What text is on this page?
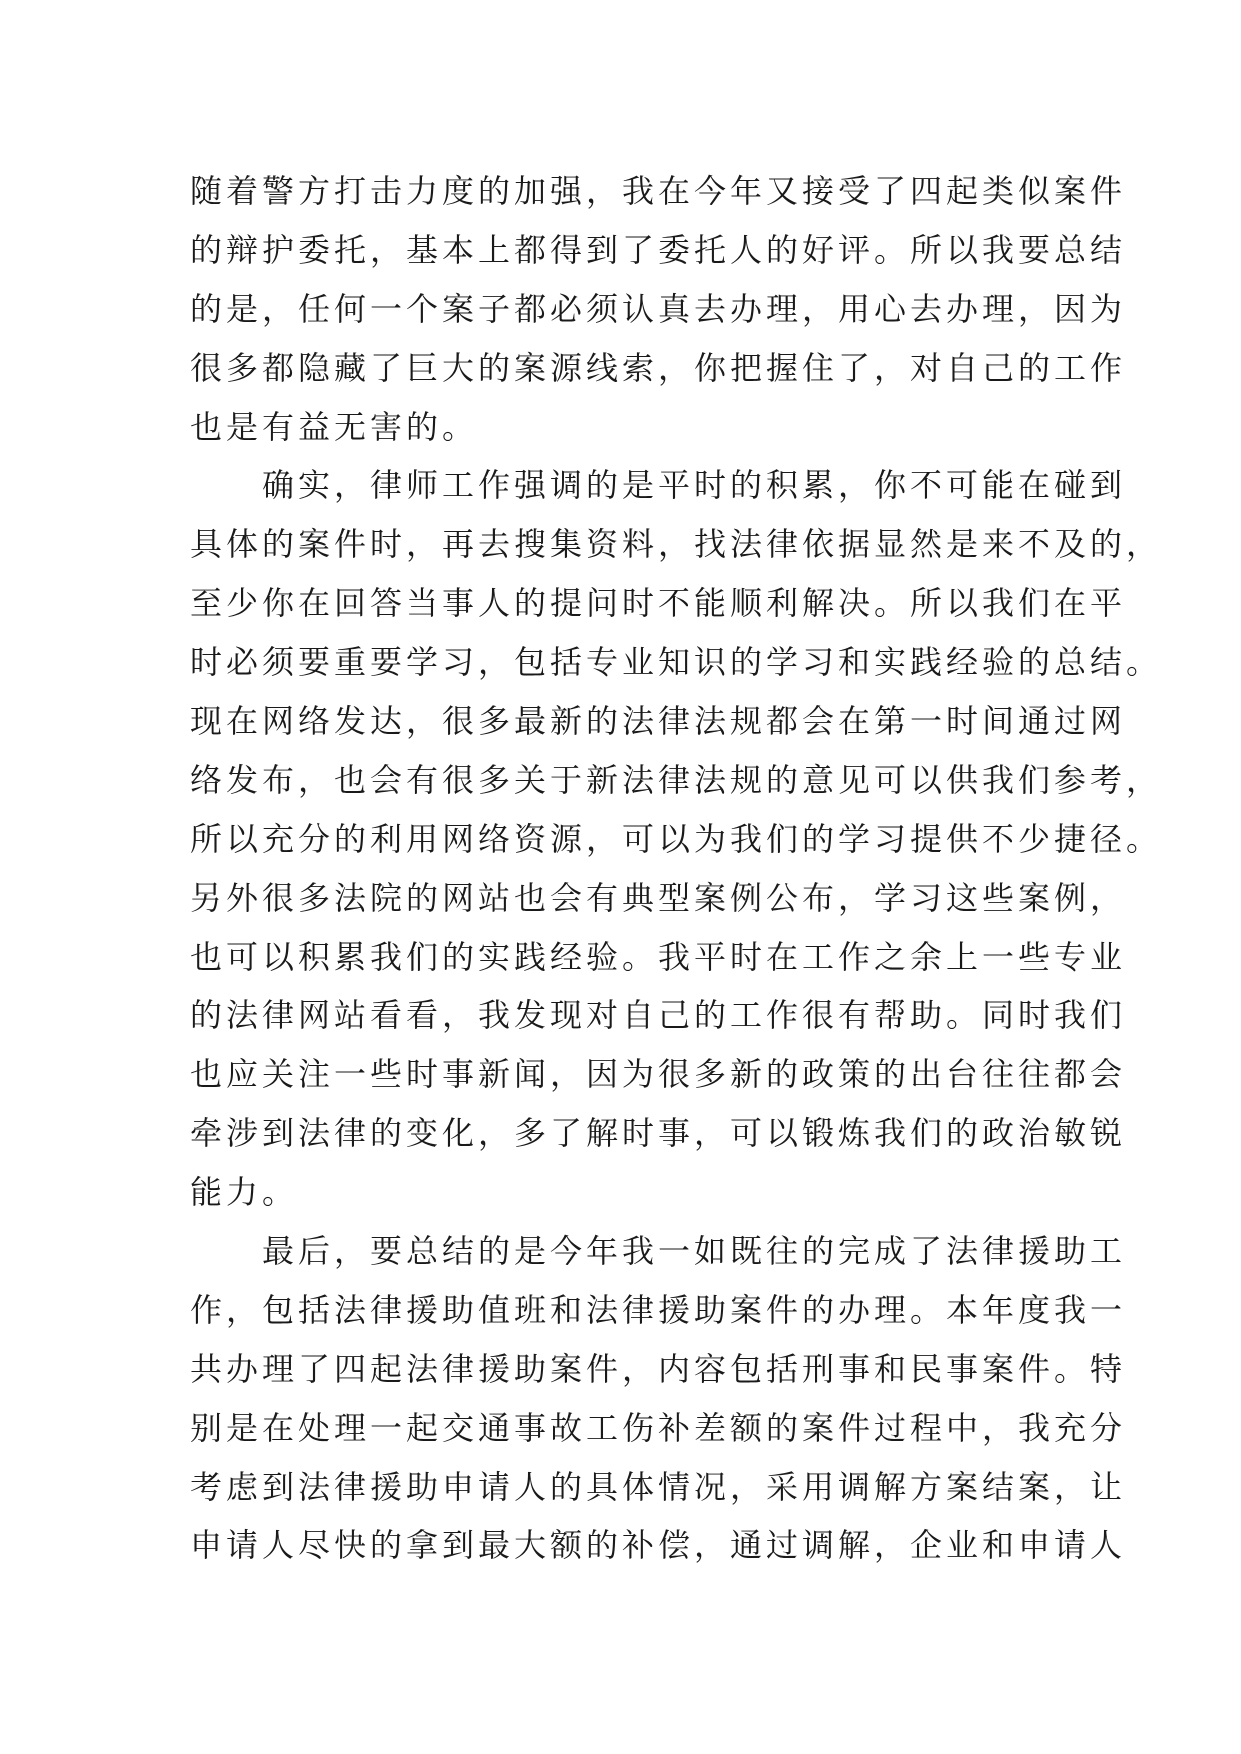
随着警方打击力度的加强，我在今年又接受了四起类似案件
的辩护委托，基本上都得到了委托人的好评。所以我要总结
的是，任何一个案子都必须认真去办理，用心去办理，因为
很多都隐藏了巨大的案源线索，你把握住了，对自己的工作
也是有益无害的。
确实，律师工作强调的是平时的积累，你不可能在碰到
具体的案件时，再去搜集资料，找法律依据显然是来不及的，
至少你在回答当事人的提问时不能顺利解决。所以我们在平
时必须要重要学习，包括专业知识的学习和实践经验的总结。
现在网络发达，很多最新的法律法规都会在第一时间通过网
络发布，也会有很多关于新法律法规的意见可以供我们参考，
所以充分的利用网络资源，可以为我们的学习提供不少捷径。
另外很多法院的网站也会有典型案例公布，学习这些案例，
也可以积累我们的实践经验。我平时在工作之余上一些专业
的法律网站看看，我发现对自己的工作很有帮助。同时我们
也应关注一些时事新闻，因为很多新的政策的出台往往都会
牵涉到法律的变化，多了解时事，可以锻炼我们的政治敏锐
能力。
最后，要总结的是今年我一如既往的完成了法律援助工
作，包括法律援助值班和法律援助案件的办理。本年度我一
共办理了四起法律援助案件，内容包括刑事和民事案件。特
别是在处理一起交通事故工伤补差额的案件过程中，我充分
考虑到法律援助申请人的具体情况，采用调解方案结案，让
申请人尽快的拿到最大额的补偿，通过调解，企业和申请人
